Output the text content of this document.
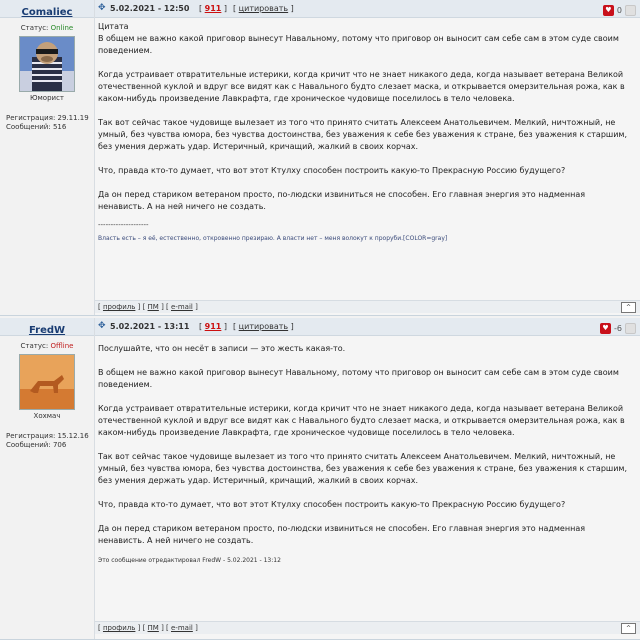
Comaliec
Статус: Online
Юморист
Регистрация: 29.11.19
Сообщений: 516
✥ 5.02.2021 - 12:50 [ 911 ] [ цитировать ]	♥ 0

Цитата
В общем не важно какой приговор вынесут Навальному, потому что приговор он выносит сам себе сам в этом суде своим поведением.

Когда устраивает отвратительные истерики, когда кричит что не знает никакого деда, когда называет ветерана Великой отечественной куклой и вдруг все видят как с Навального будто слезает маска, и открывается омерзительная рожа, как в каком-нибудь произведение Лавкрафта, где хроническое чудовище поселилось в тело человека.

Так вот сейчас такое чудовище вылезает из того что принято считать Алексеем Анатольевичем. Мелкий, ничтожный, не умный, без чувства юмора, без чувства достоинства, без уважения к себе без уважения к стране, без уважения к старшим, без умения держать удар. Истеричный, кричащий, жалкий в своих корчах.

Что, правда кто-то думает, что вот этот Ктулху способен построить какую-то Прекрасную Россию будущего?

Да он перед стариком ветераном просто, по-людски извиниться не способен. Его главная энергия это надменная ненависть. А на ней ничего не создать.

--------------------
Власть есть – я её, естественно, откровенно презираю. А власти нет – меня волокут к проруби.[COLOR=gray]
[ профиль ] [ ПМ ] [ e-mail ]	^
FredW
Статус: Offline
Хохмач
Регистрация: 15.12.16
Сообщений: 706
✥ 5.02.2021 - 13:11 [ 911 ] [ цитировать ]	♥ -6

Послушайте, что он несёт в записи — это жесть какая-то.

В общем не важно какой приговор вынесут Навальному, потому что приговор он выносит сам себе сам в этом суде своим поведением.

Когда устраивает отвратительные истерики, когда кричит что не знает никакого деда, когда называет ветерана Великой отечественной куклой и вдруг все видят как с Навального будто слезает маска, и открывается омерзительная рожа, как в каком-нибудь произведение Лавкрафта, где хроническое чудовище поселилось в тело человека.

Так вот сейчас такое чудовище вылезает из того что принято считать Алексеем Анатольевичем. Мелкий, ничтожный, не умный, без чувства юмора, без чувства достоинства, без уважения к себе без уважения к стране, без уважения к старшим, без умения держать удар. Истеричный, кричащий, жалкий в своих корчах.

Что, правда кто-то думает, что вот этот Ктулху способен построить какую-то Прекрасную Россию будущего?

Да он перед стариком ветераном просто, по-людски извиниться не способен. Его главная энергия это надменная ненависть. А ней ничего не создать.

Это сообщение отредактировал FredW - 5.02.2021 - 13:12
[ профиль ] [ ПМ ] [ e-mail ]	^
